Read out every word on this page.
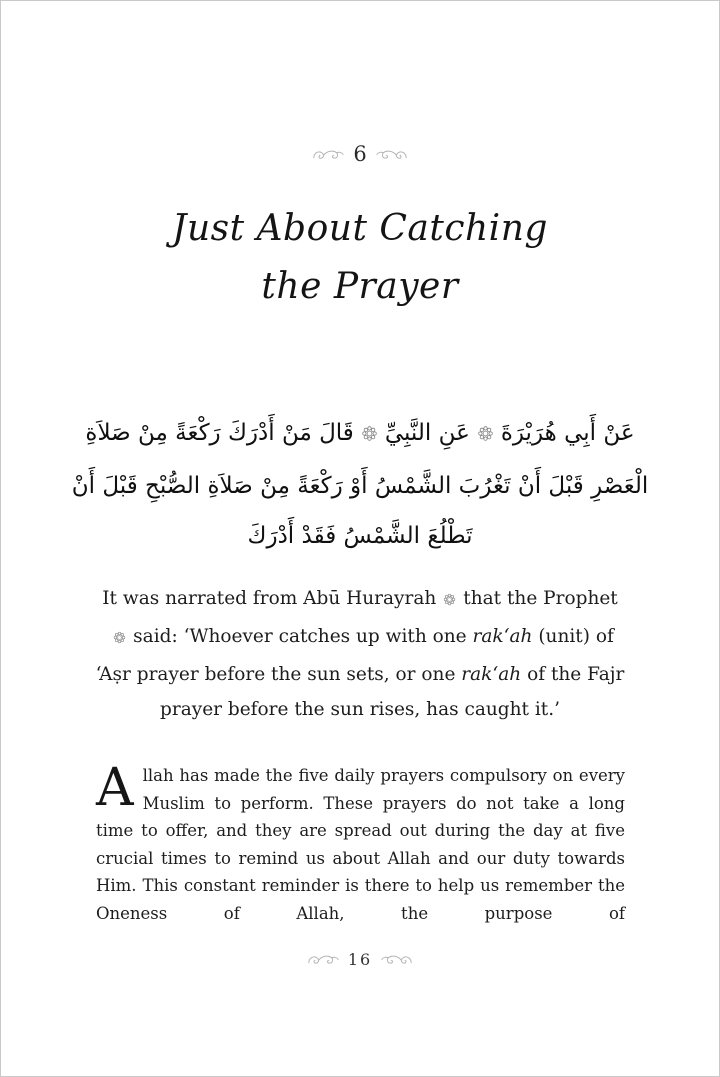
6
Just About Catching
the Prayer
عَنْ أَبِي هُرَيْرَةَعَنِ النَّبِيِّقَالَ مَنْ أَدْرَكَ رَكْعَةً مِنْ صَلاَةِ
الْعَصْرِ قَبْلَ أَنْ تَغْرُبَ الشَّمْسُ أَوْ رَكْعَةً مِنْ صَلاَةِ الصُّبْحِ قَبْلَ أَنْ
تَطْلُعَ الشَّمْسُ فَقَدْ أَدْرَكَ
It was narrated from Abū Hurayrah that the Prophet
said: ‘Whoever catches up with one rak‘ah (unit) of
‘Aṣr prayer before the sun sets, or one rak‘ah of the Fajr
prayer before the sun rises, has caught it.’

Allah has made the five daily prayers compulsory on every Muslim to perform. These prayers do not take a long time to offer, and they are spread out during the day at five crucial times to remind us about Allah and our duty towards Him. This constant reminder is there to help us remember the Oneness of Allah, the purpose of

16
